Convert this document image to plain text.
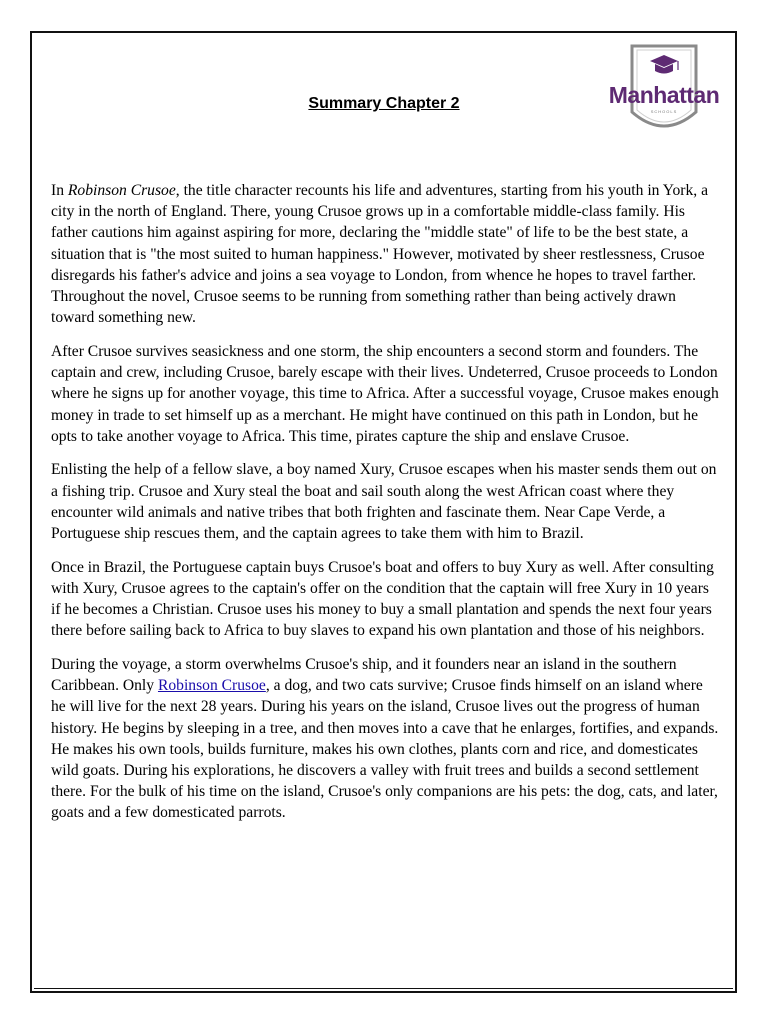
Manhattan
SCHOOLS
Summary Chapter 2

In Robinson Crusoe, the title character recounts his life and adventures, starting from his youth in York, a city in the north of England. There, young Crusoe grows up in a comfortable middle-class family. His father cautions him against aspiring for more, declaring the "middle state" of life to be the best state, a situation that is "the most suited to human happiness." However, motivated by sheer restlessness, Crusoe disregards his father's advice and joins a sea voyage to London, from whence he hopes to travel farther. Throughout the novel, Crusoe seems to be running from something rather than being actively drawn toward something new.

After Crusoe survives seasickness and one storm, the ship encounters a second storm and founders. The captain and crew, including Crusoe, barely escape with their lives. Undeterred, Crusoe proceeds to London where he signs up for another voyage, this time to Africa. After a successful voyage, Crusoe makes enough money in trade to set himself up as a merchant. He might have continued on this path in London, but he opts to take another voyage to Africa. This time, pirates capture the ship and enslave Crusoe.

Enlisting the help of a fellow slave, a boy named Xury, Crusoe escapes when his master sends them out on a fishing trip. Crusoe and Xury steal the boat and sail south along the west African coast where they encounter wild animals and native tribes that both frighten and fascinate them. Near Cape Verde, a Portuguese ship rescues them, and the captain agrees to take them with him to Brazil.

Once in Brazil, the Portuguese captain buys Crusoe's boat and offers to buy Xury as well. After consulting with Xury, Crusoe agrees to the captain's offer on the condition that the captain will free Xury in 10 years if he becomes a Christian. Crusoe uses his money to buy a small plantation and spends the next four years there before sailing back to Africa to buy slaves to expand his own plantation and those of his neighbors.

During the voyage, a storm overwhelms Crusoe's ship, and it founders near an island in the southern Caribbean. Only Robinson Crusoe, a dog, and two cats survive; Crusoe finds himself on an island where he will live for the next 28 years. During his years on the island, Crusoe lives out the progress of human history. He begins by sleeping in a tree, and then moves into a cave that he enlarges, fortifies, and expands. He makes his own tools, builds furniture, makes his own clothes, plants corn and rice, and domesticates wild goats. During his explorations, he discovers a valley with fruit trees and builds a second settlement there. For the bulk of his time on the island, Crusoe's only companions are his pets: the dog, cats, and later, goats and a few domesticated parrots.
